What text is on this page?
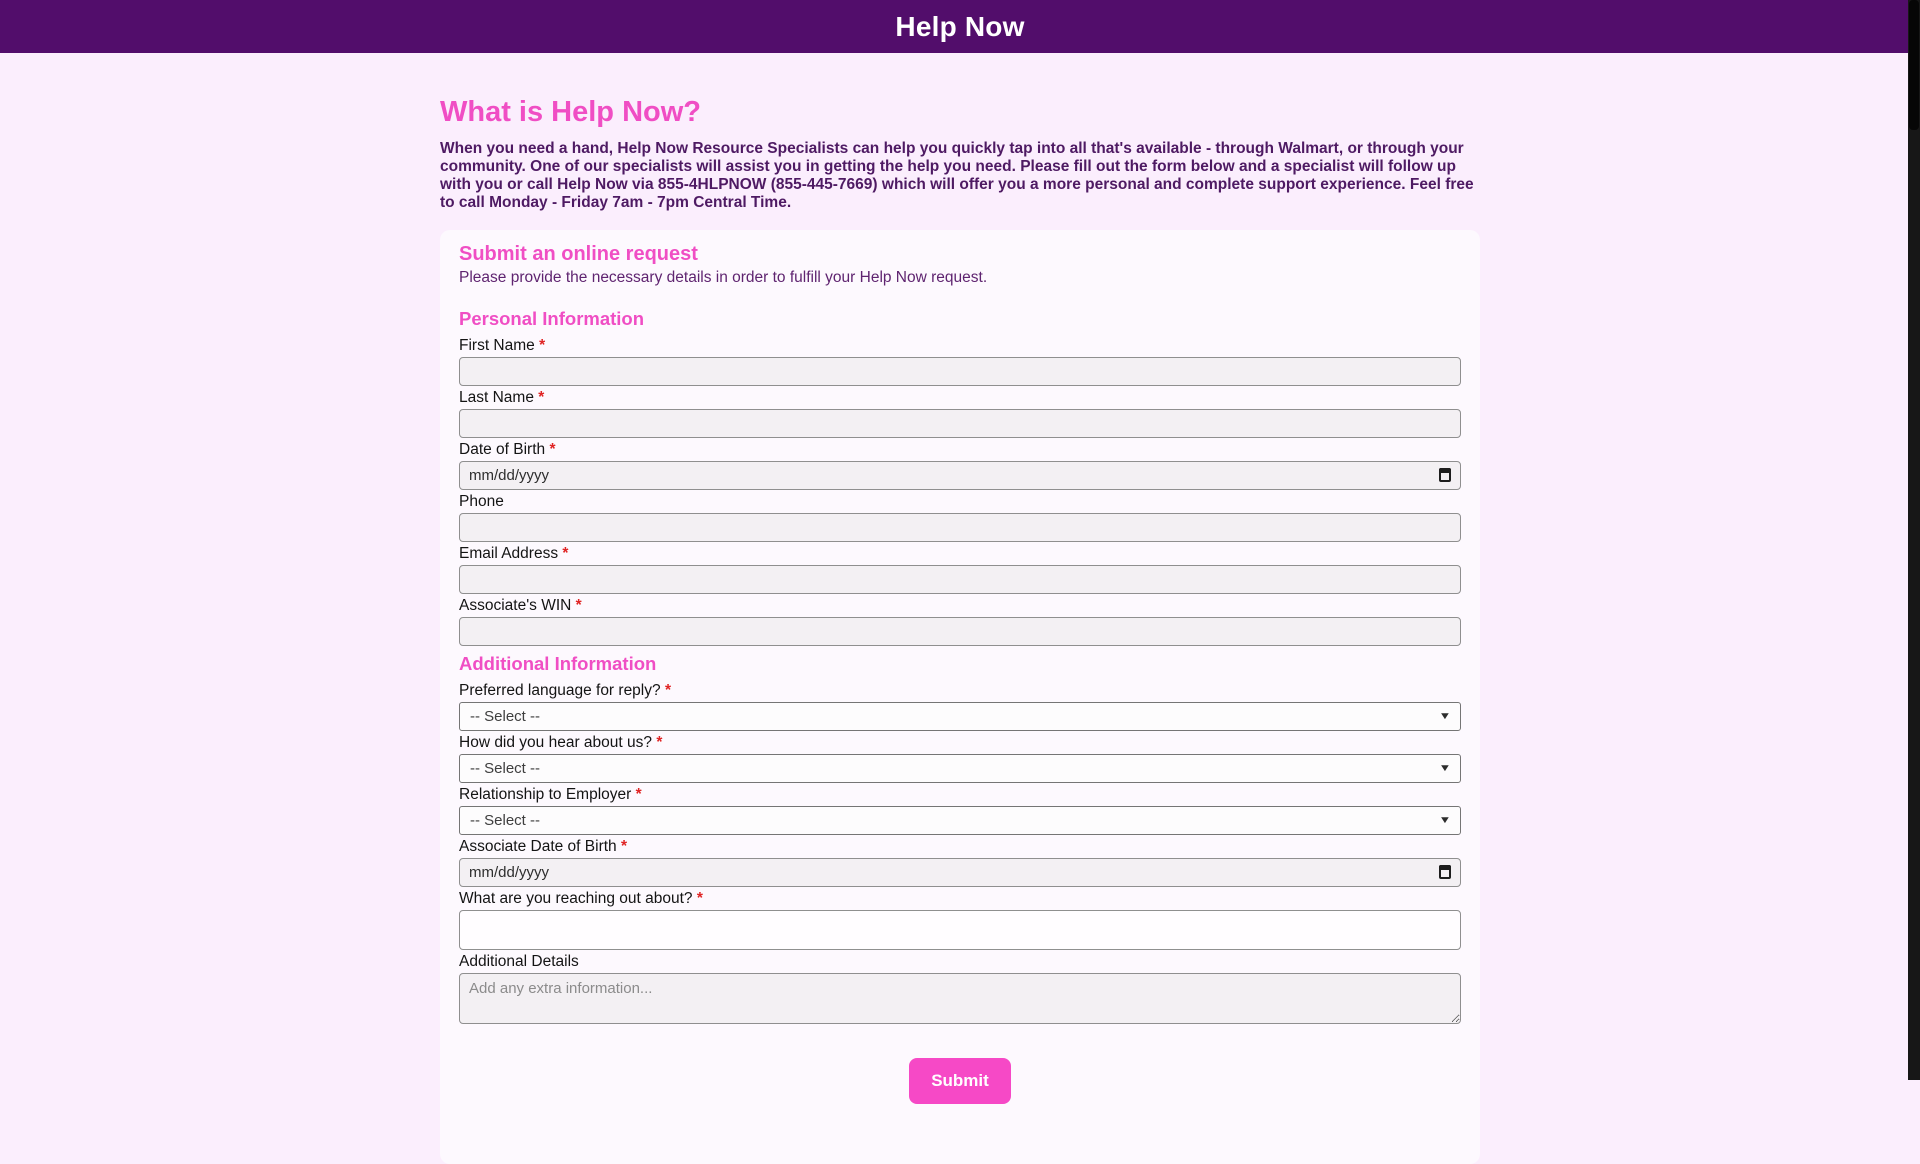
Help Now
What is Help Now?

When you need a hand, Help Now Resource Specialists can help you quickly tap into all that's available - through Walmart, or through your community. One of our specialists will assist you in getting the help you need. Please fill out the form below and a specialist will follow up with you or call Help Now via 855-4HLPNOW (855-445-7669) which will offer you a more personal and complete support experience. Feel free to call Monday - Friday 7am - 7pm Central Time.

Submit an online request

Please provide the necessary details in order to fulfill your Help Now request.

Personal Information
First Name *
Last Name *
Date of Birth *
mm/dd/yyyy
Phone
Email Address *
Associate's WIN *
Additional Information
Preferred language for reply? *
-- Select --	▼
How did you hear about us? *
-- Select --	▼
Relationship to Employer *
-- Select --	▼
Associate Date of Birth *
mm/dd/yyyy
What are you reaching out about? *
Additional Details
Add any extra information...
Submit
